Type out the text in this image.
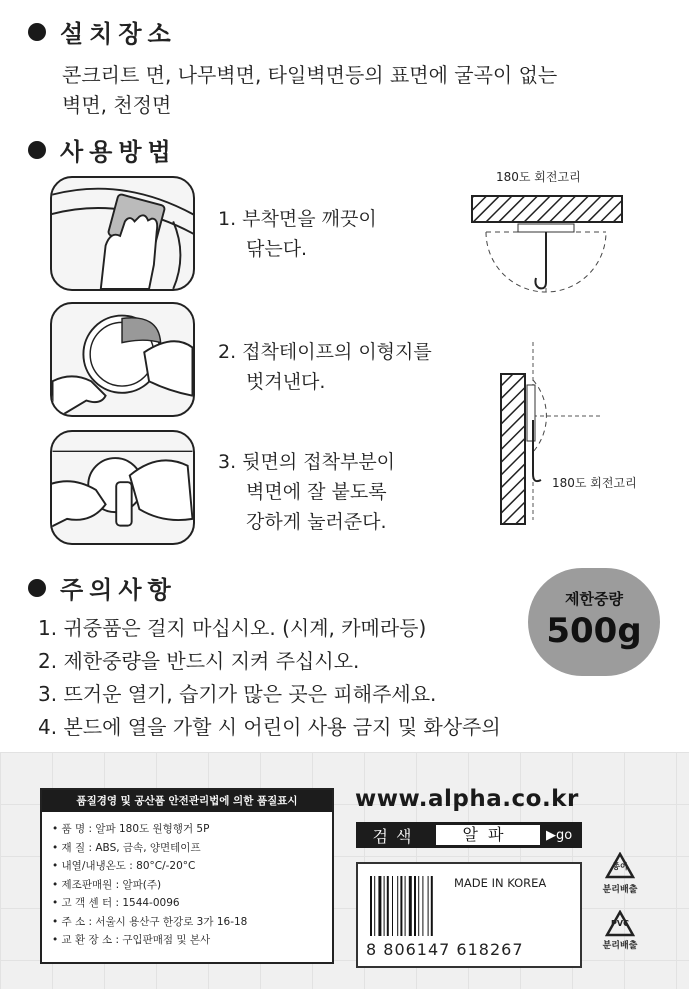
설치장소
콘크리트 면, 나무벽면, 타일벽면등의 표면에 굴곡이 없는
벽면, 천정면
사용방법
1. 부착면을 깨끗이
닦는다.
2. 접착테이프의 이형지를
벗겨낸다.
3. 뒷면의 접착부분이
벽면에 잘 붙도록
강하게 눌러준다.
180도 회전고리
180도 회전고리
주의사항
1. 귀중품은 걸지 마십시오. (시계, 카메라등)
2. 제한중량을 반드시 지켜 주십시오.
3. 뜨거운 열기, 습기가 많은 곳은 피해주세요.
4. 본드에 열을 가할 시 어린이 사용 금지 및 화상주의
제한중량
500g
품질경영 및 공산품 안전관리법에 의한 품질표시
• 품 명 : 알파 180도 원형행거 5P
• 재 질 : ABS, 금속, 양면테이프
• 내열/내냉온도 : 80°C/-20°C
• 제조판매원 : 알파(주)
• 고 객 센 터 : 1544-0096
• 주 소 : 서울시 용산구 한강로 3가 16-18
• 교 환 장 소 : 구입판매점 및 본사
www.alpha.co.kr
검색	알파	▶go
MADE IN KOREA
8 806147 618267
종이
분리배출
PVC
분리배출
